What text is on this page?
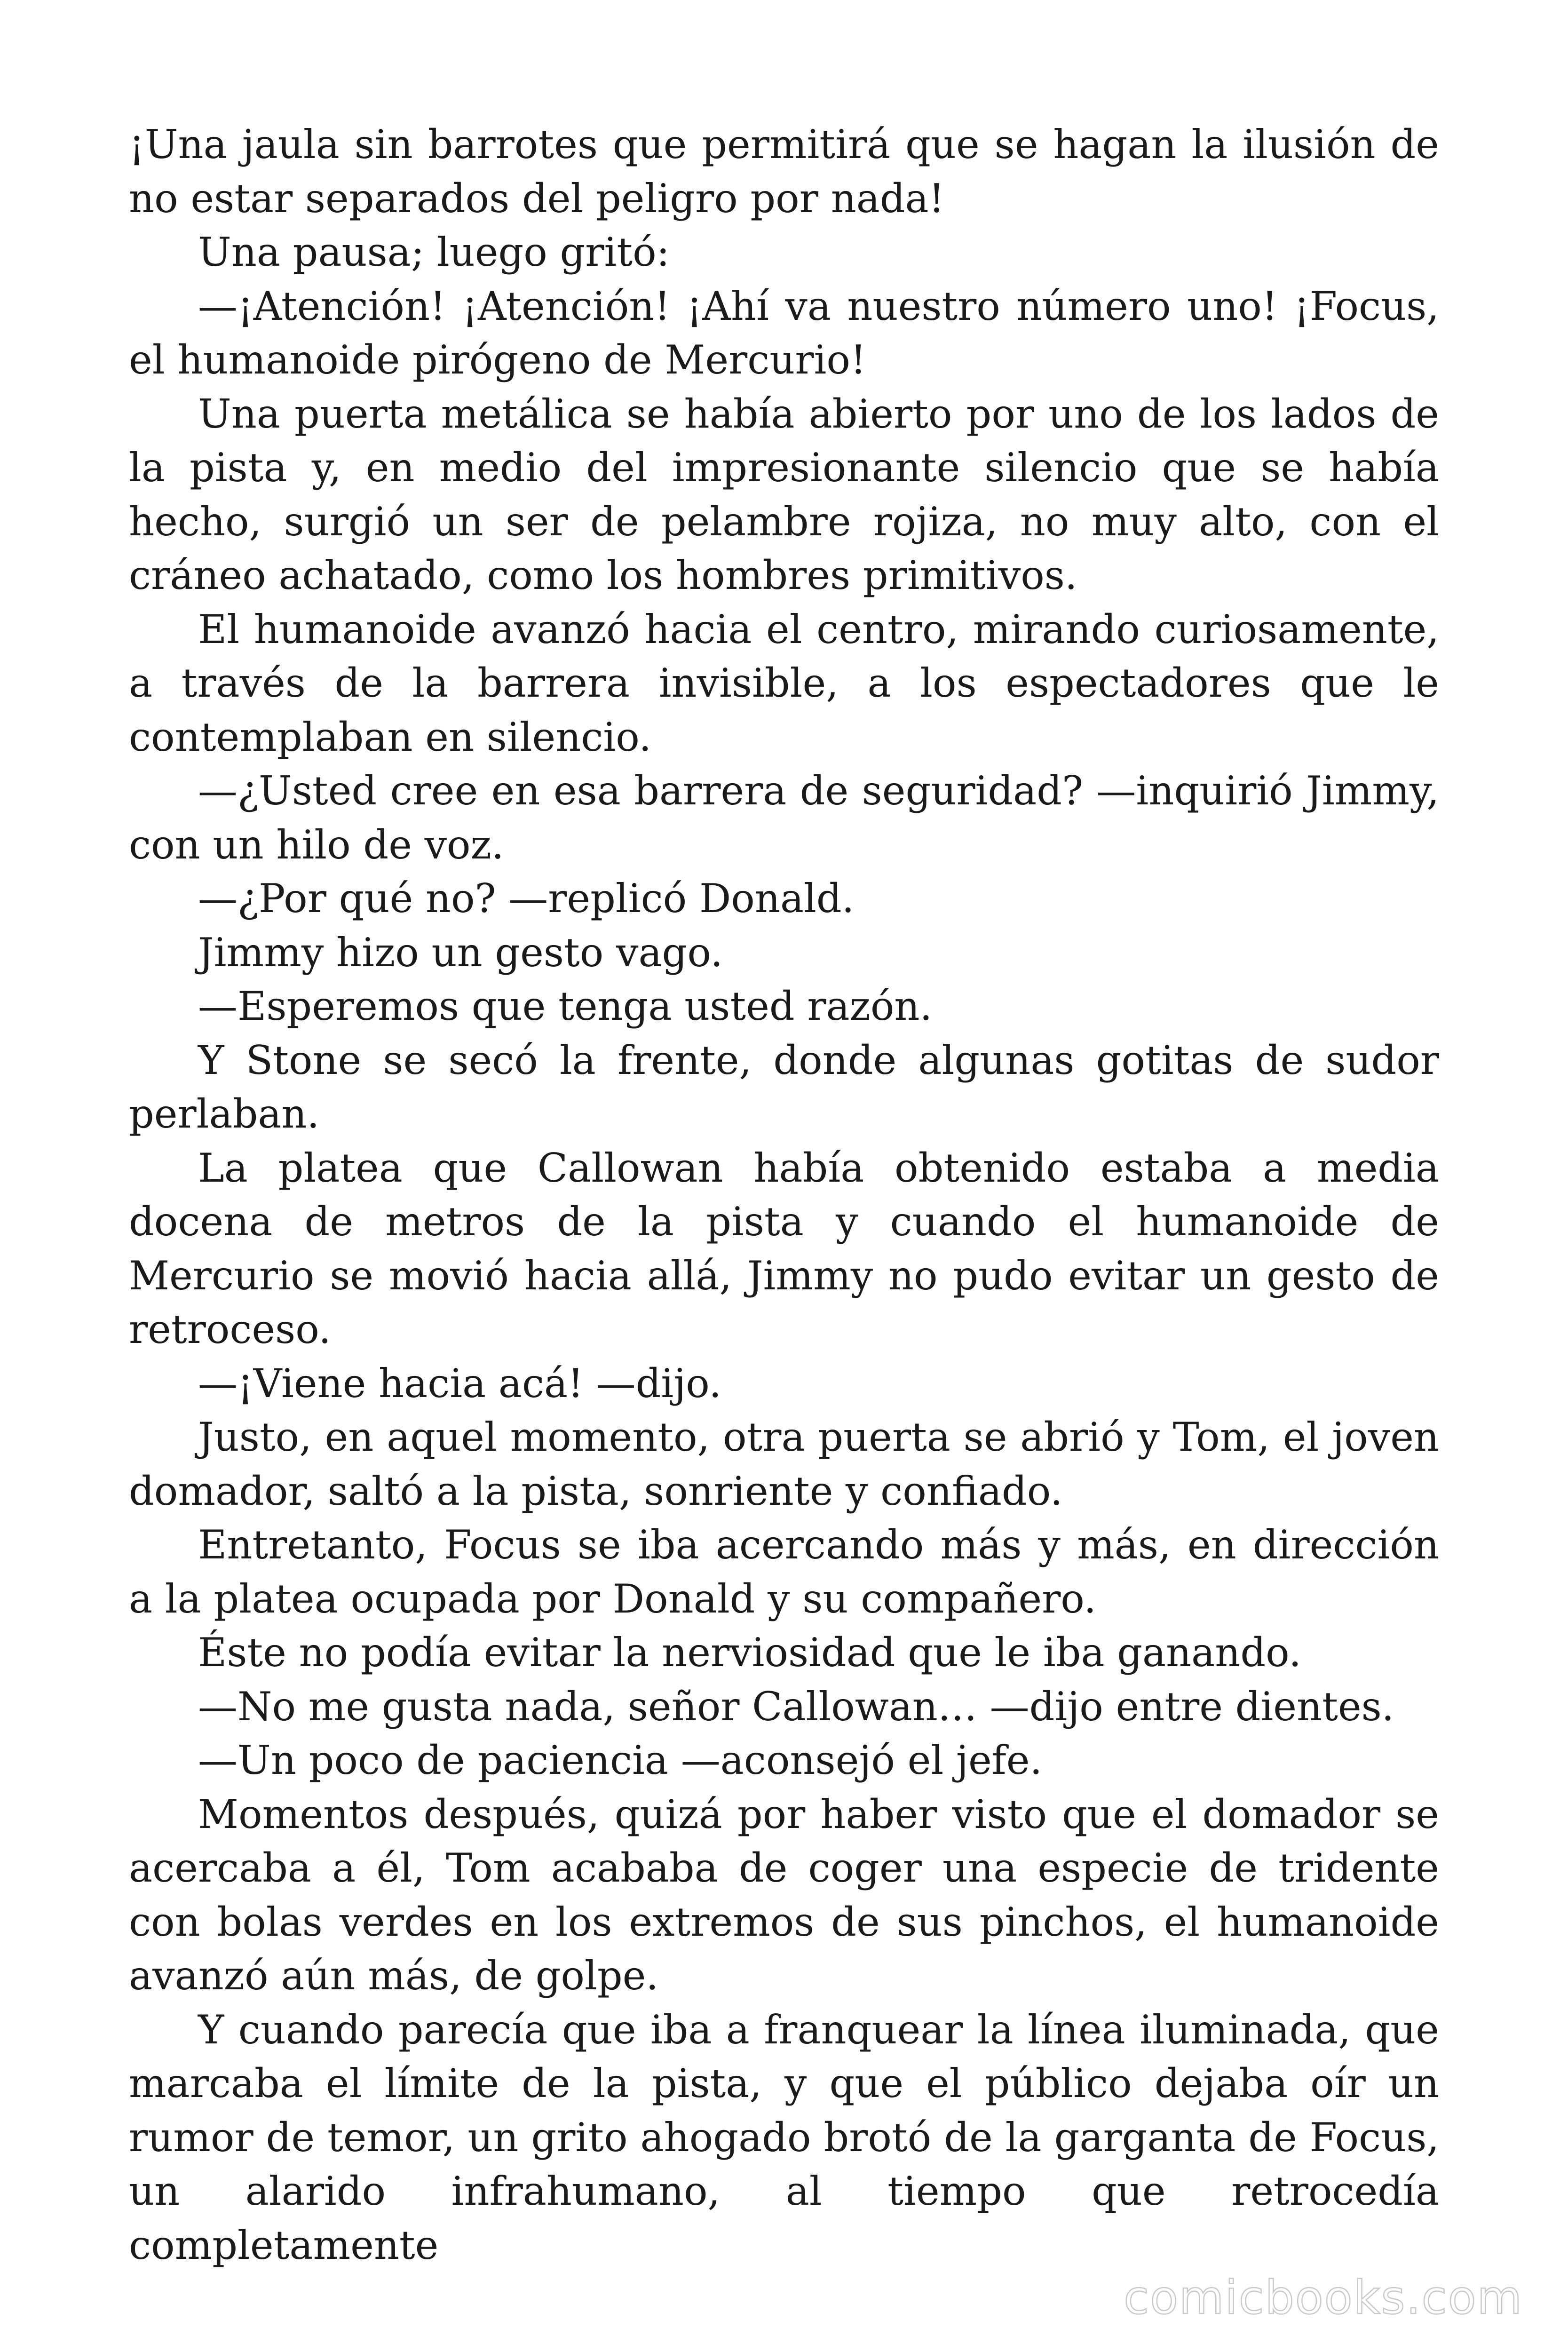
¡Una jaula sin barrotes que permitirá que se hagan la ilusión de no estar separados del peligro por nada!

Una pausa; luego gritó:

—¡Atención! ¡Atención! ¡Ahí va nuestro número uno! ¡Focus, el humanoide pirógeno de Mercurio!

Una puerta metálica se había abierto por uno de los lados de la pista y, en medio del impresionante silencio que se había hecho, surgió un ser de pelambre rojiza, no muy alto, con el cráneo achatado, como los hombres primitivos.

El humanoide avanzó hacia el centro, mirando curiosamente, a través de la barrera invisible, a los espectadores que le contemplaban en silencio.

—¿Usted cree en esa barrera de seguridad? —inquirió Jimmy, con un hilo de voz.

—¿Por qué no? —replicó Donald.

Jimmy hizo un gesto vago.

—Esperemos que tenga usted razón.

Y Stone se secó la frente, donde algunas gotitas de sudor perlaban.

La platea que Callowan había obtenido estaba a media docena de metros de la pista y cuando el humanoide de Mercurio se movió hacia allá, Jimmy no pudo evitar un gesto de retroceso.

—¡Viene hacia acá! —dijo.

Justo, en aquel momento, otra puerta se abrió y Tom, el joven domador, saltó a la pista, sonriente y confiado.

Entretanto, Focus se iba acercando más y más, en dirección a la platea ocupada por Donald y su compañero.

Éste no podía evitar la nerviosidad que le iba ganando.

—No me gusta nada, señor Callowan… —dijo entre dientes.

—Un poco de paciencia —aconsejó el jefe.

Momentos después, quizá por haber visto que el domador se acercaba a él, Tom acababa de coger una especie de tridente con bolas verdes en los extremos de sus pinchos, el humanoide avanzó aún más, de golpe.

Y cuando parecía que iba a franquear la línea iluminada, que marcaba el límite de la pista, y que el público dejaba oír un rumor de temor, un grito ahogado brotó de la garganta de Focus, un alarido infrahumano, al tiempo que retrocedía completamente

comicbooks.com
